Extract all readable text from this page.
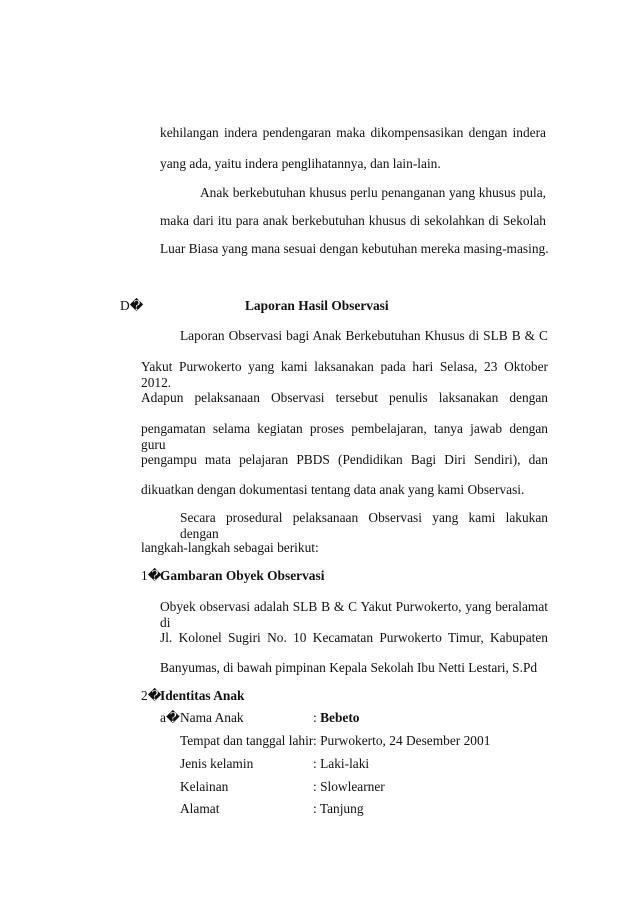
kehilangan indera pendengaran maka dikompensasikan dengan indera
yang ada, yaitu indera penglihatannya, dan lain-lain.
Anak berkebutuhan khusus perlu penanganan yang khusus pula,
maka dari itu para anak berkebutuhan khusus di sekolahkan di Sekolah
Luar Biasa yang mana sesuai dengan kebutuhan mereka masing-masing.
D�	Laporan Hasil Observasi
Laporan Observasi bagi Anak Berkebutuhan Khusus di SLB B & C
Yakut Purwokerto yang kami laksanakan pada hari Selasa, 23 Oktober 2012.
Adapun pelaksanaan Observasi tersebut penulis laksanakan dengan
pengamatan selama kegiatan proses pembelajaran, tanya jawab dengan guru
pengampu mata pelajaran PBDS (Pendidikan Bagi Diri Sendiri), dan
dikuatkan dengan dokumentasi tentang data anak yang kami Observasi.
Secara prosedural pelaksanaan Observasi yang kami lakukan dengan
langkah-langkah sebagai berikut:
1�
Gambaran Obyek Observasi
Obyek observasi adalah SLB B & C Yakut Purwokerto, yang beralamat di
Jl. Kolonel Sugiri No. 10 Kecamatan Purwokerto Timur, Kabupaten
Banyumas, di bawah pimpinan Kepala Sekolah Ibu Netti Lestari, S.Pd
2�
Identitas Anak
a� Nama Anak	: Bebeto
Tempat dan tanggal lahir : Purwokerto, 24 Desember 2001
Jenis kelamin	: Laki-laki
Kelainan	: Slowlearner
Alamat	: Tanjung
